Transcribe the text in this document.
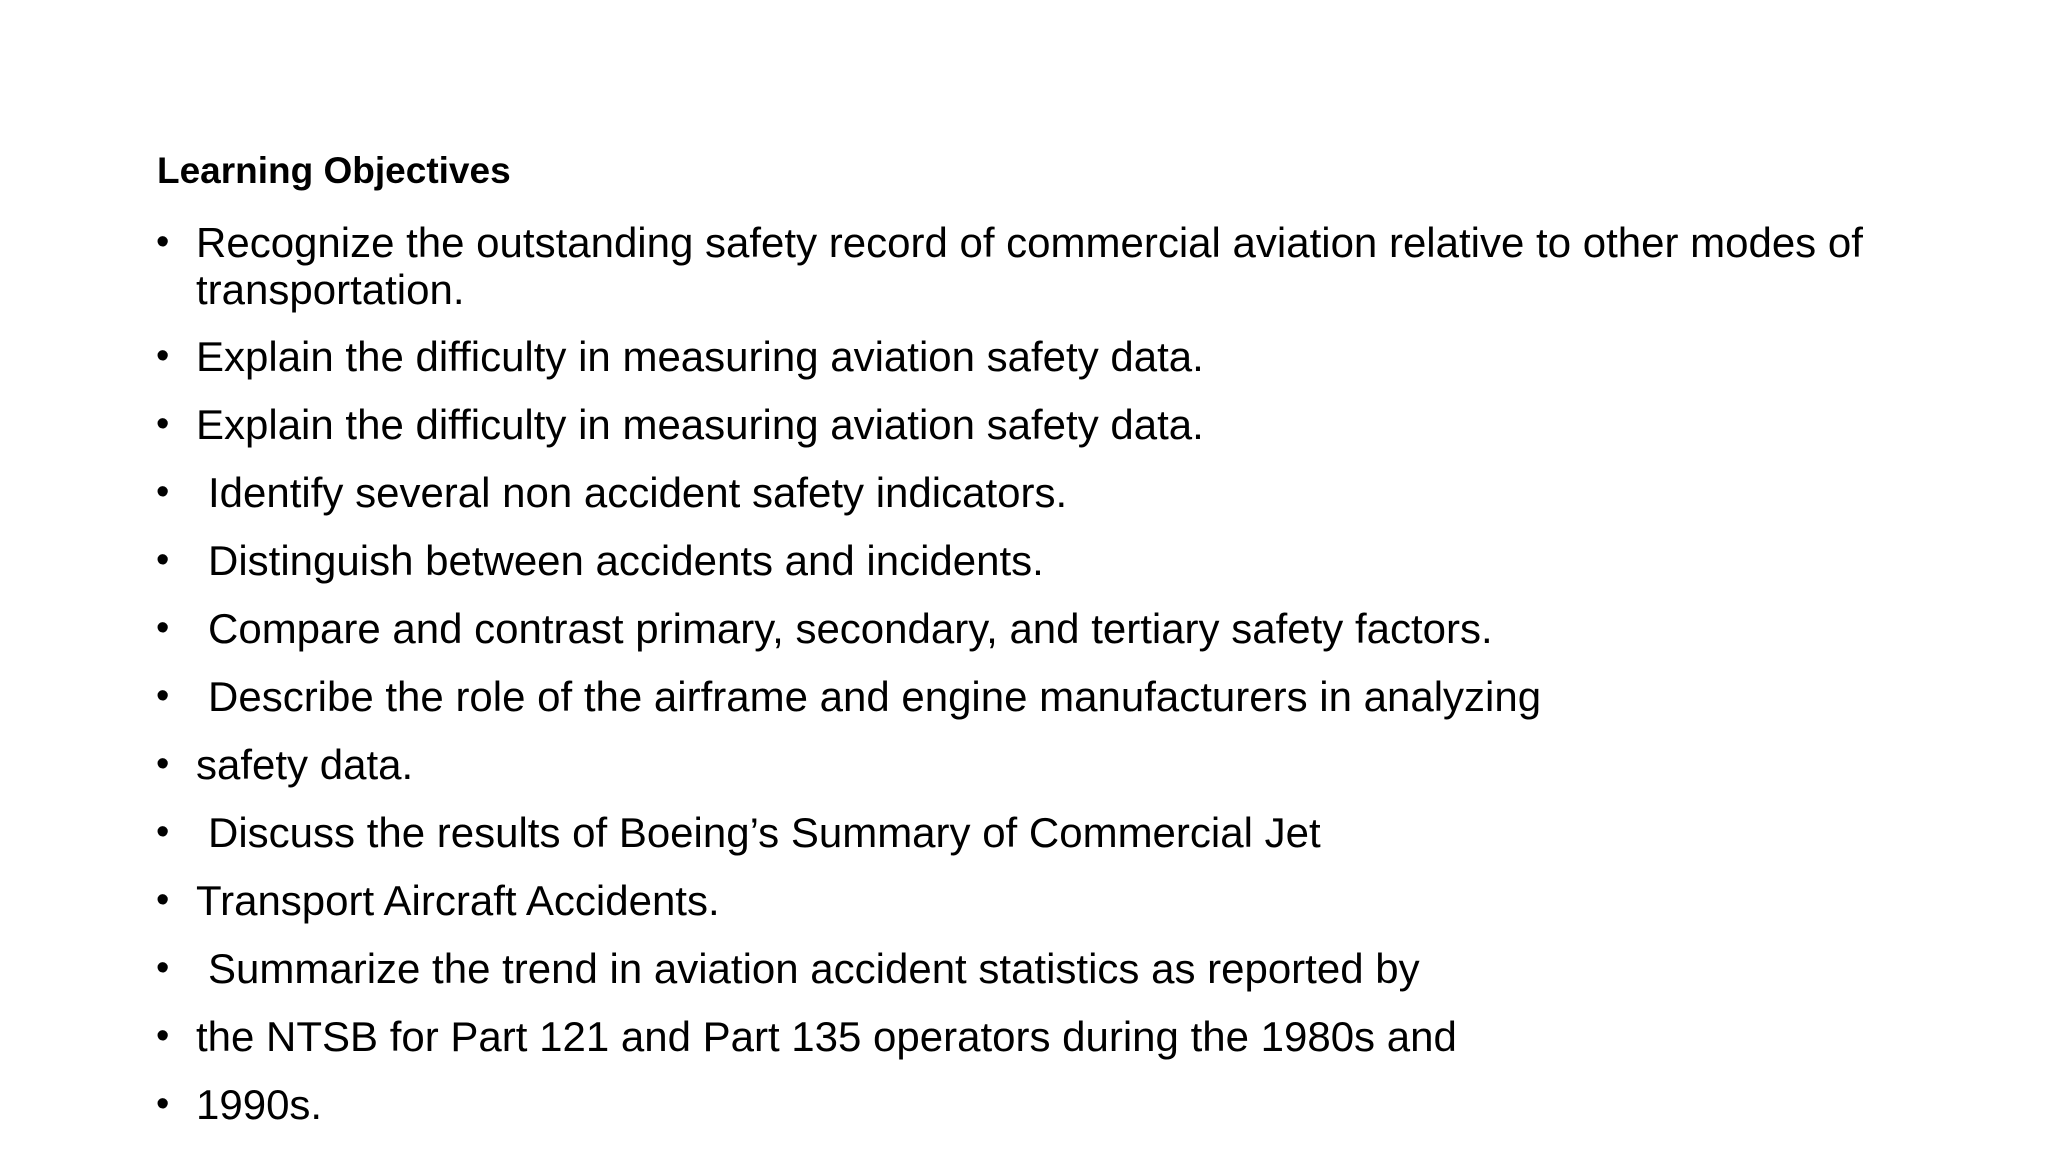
Learning Objectives
• Recognize the outstanding safety record of commercial aviation relative to other modes of transportation.
• Explain the difficulty in measuring aviation safety data.
• Explain the difficulty in measuring aviation safety data.
• Identify several non accident safety indicators.
• Distinguish between accidents and incidents.
• Compare and contrast primary, secondary, and tertiary safety factors.
• Describe the role of the airframe and engine manufacturers in analyzing
• safety data.
• Discuss the results of Boeing’s Summary of Commercial Jet
• Transport Aircraft Accidents.
• Summarize the trend in aviation accident statistics as reported by
• the NTSB for Part 121 and Part 135 operators during the 1980s and
• 1990s.
